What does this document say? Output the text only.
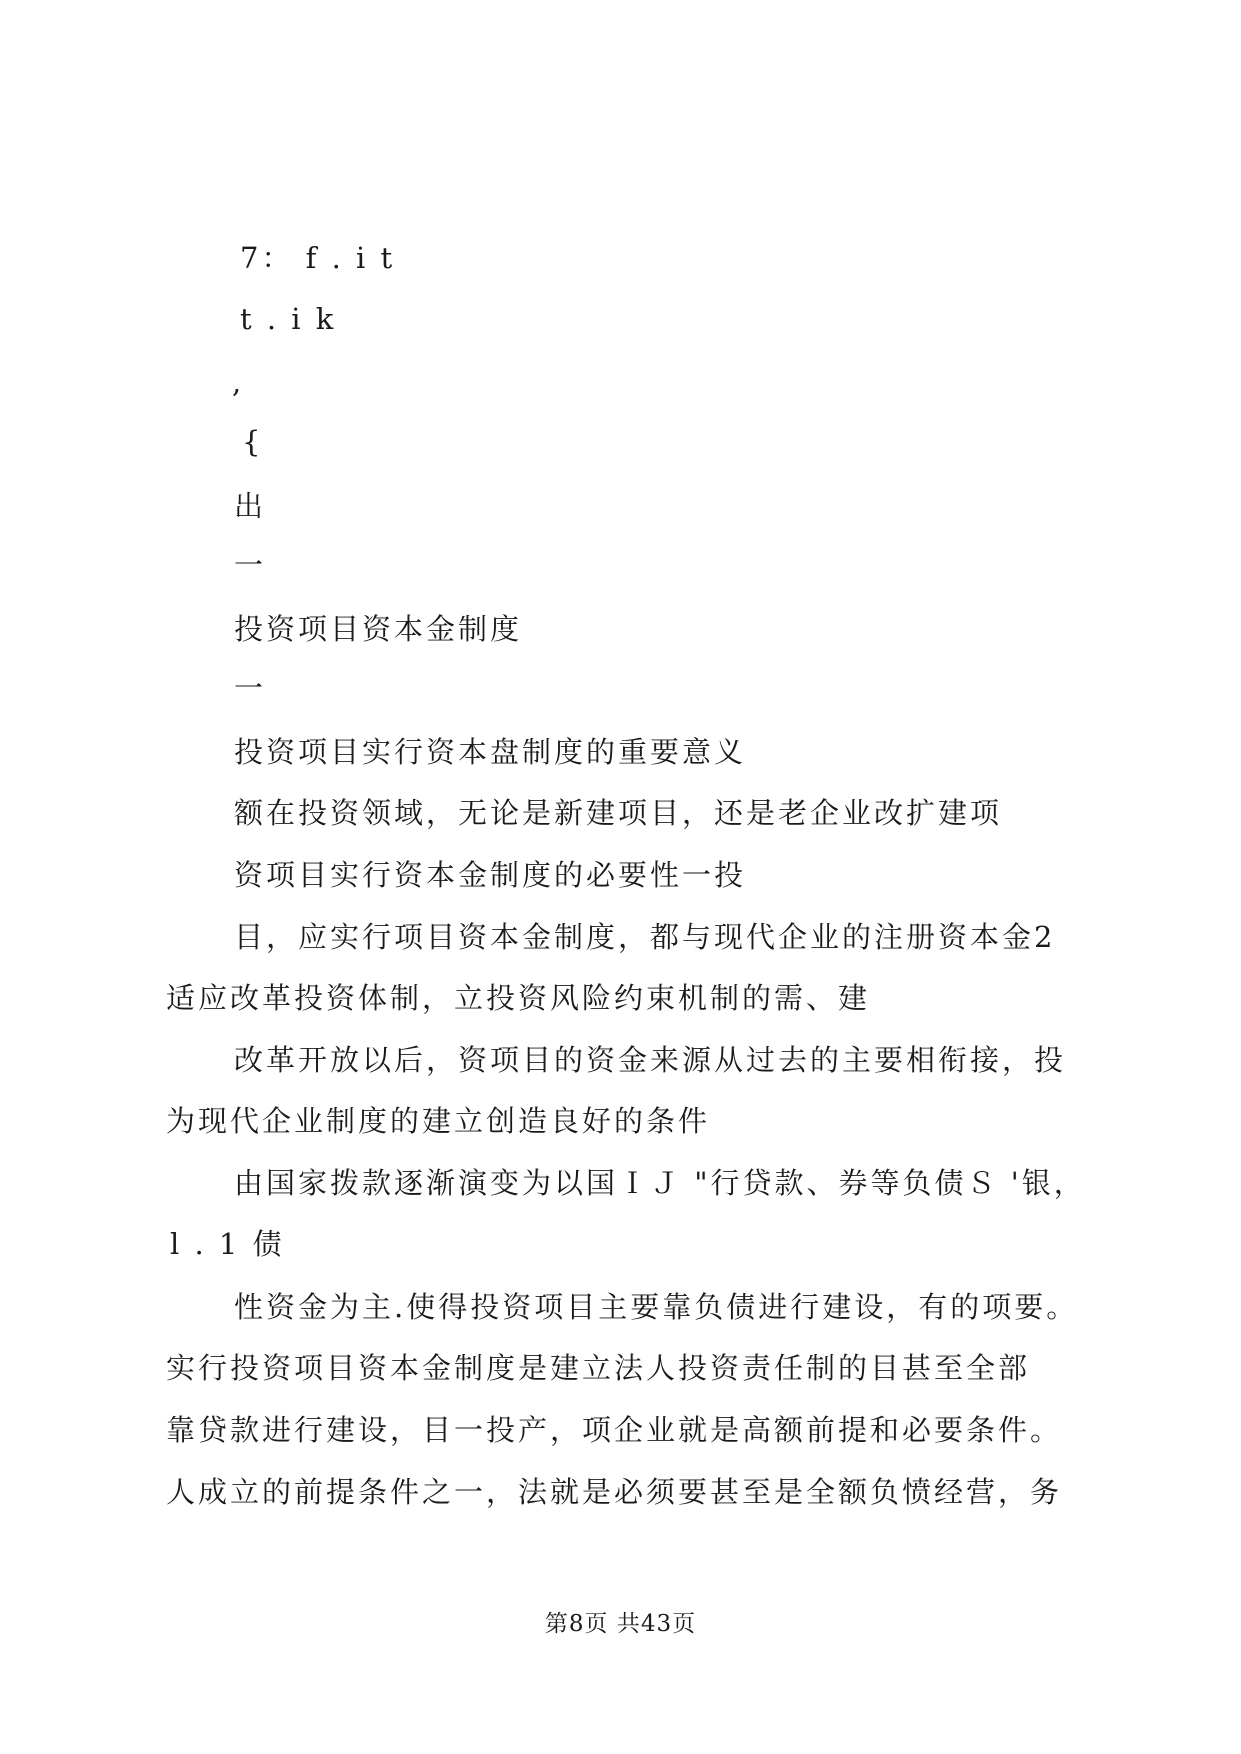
7： f . i t
t . i k
,
{
出
一
投资项目资本金制度
一
投资项目实行资本盘制度的重要意义
额在投资领域，无论是新建项目，还是老企业改扩建项
资项目实行资本金制度的必要性一投
目，应实行项目资本金制度，都与现代企业的注册资本金2
适应改革投资体制，立投资风险约束机制的需、建
改革开放以后，资项目的资金来源从过去的主要相衔接，投
为现代企业制度的建立创造良好的条件
由国家拨款逐渐演变为以国ＩＪ "行贷款、券等负债Ｓ '银，
l . 1 债
性资金为主.使得投资项目主要靠负债进行建设，有的项要。
实行投资项目资本金制度是建立法人投资责任制的目甚至全部
靠贷款进行建设，目一投产，项企业就是高额前提和必要条件。
人成立的前提条件之一，法就是必须要甚至是全额负愤经营，务
第8页 共43页
